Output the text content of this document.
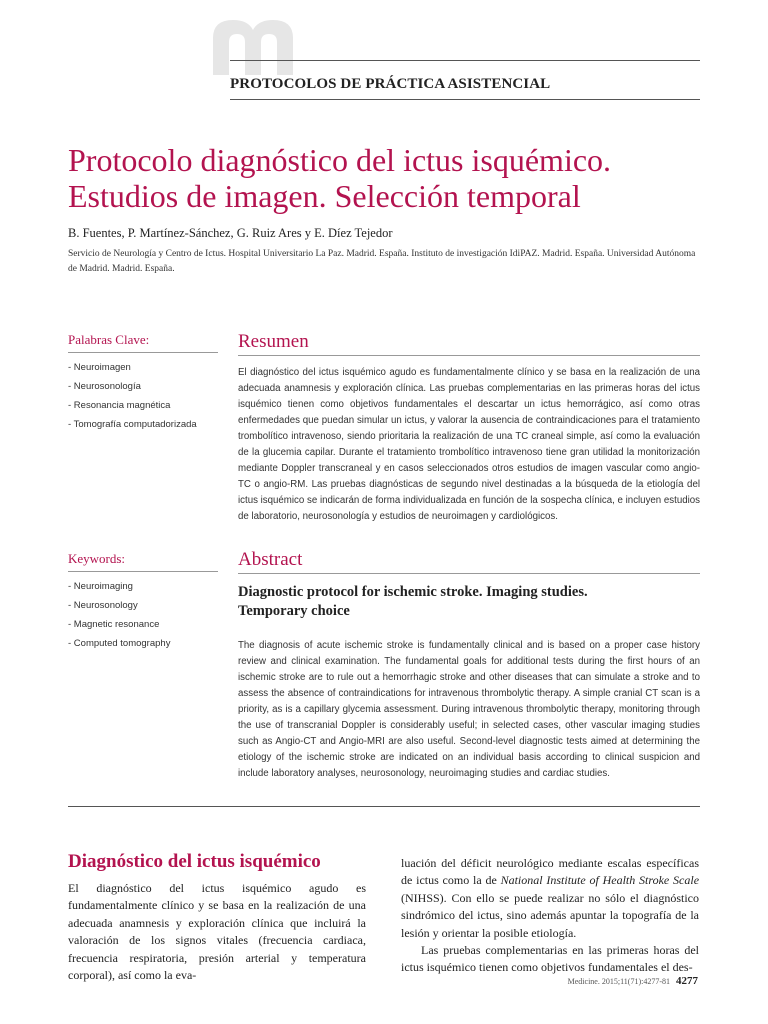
PROTOCOLOS DE PRÁCTICA ASISTENCIAL
Protocolo diagnóstico del ictus isquémico.
Estudios de imagen. Selección temporal
B. Fuentes, P. Martínez-Sánchez, G. Ruiz Ares y E. Díez Tejedor
Servicio de Neurología y Centro de Ictus. Hospital Universitario La Paz. Madrid. España. Instituto de investigación IdiPAZ. Madrid. España. Universidad Autónoma de Madrid. Madrid. España.
Palabras Clave:
- Neuroimagen
- Neurosonología
- Resonancia magnética
- Tomografía computadorizada
Resumen

El diagnóstico del ictus isquémico agudo es fundamentalmente clínico y se basa en la realización de una adecuada anamnesis y exploración clínica. Las pruebas complementarias en las primeras horas del ictus isquémico tienen como objetivos fundamentales el descartar un ictus hemorrágico, así como otras enfermedades que puedan simular un ictus, y valorar la ausencia de contraindicaciones para el tratamiento trombolítico intravenoso, siendo prioritaria la realización de una TC craneal simple, así como la evaluación de la glucemia capilar. Durante el tratamiento trombolítico intravenoso tiene gran utilidad la monitorización mediante Doppler transcraneal y en casos seleccionados otros estudios de imagen vascular como angio-TC o angio-RM. Las pruebas diagnósticas de segundo nivel destinadas a la búsqueda de la etiología del ictus isquémico se indicarán de forma individualizada en función de la sospecha clínica, e incluyen estudios de laboratorio, neurosonología y estudios de neuroimagen y cardiológicos.

Keywords:
- Neuroimaging
- Neurosonology
- Magnetic resonance
- Computed tomography
Abstract
Diagnostic protocol for ischemic stroke. Imaging studies.
Temporary choice

The diagnosis of acute ischemic stroke is fundamentally clinical and is based on a proper case history review and clinical examination. The fundamental goals for additional tests during the first hours of an ischemic stroke are to rule out a hemorrhagic stroke and other diseases that can simulate a stroke and to assess the absence of contraindications for intravenous thrombolytic therapy. A simple cranial CT scan is a priority, as is a capillary glycemia assessment. During intravenous thrombolytic therapy, monitoring through the use of transcranial Doppler is considerably useful; in selected cases, other vascular imaging studies such as Angio-CT and Angio-MRI are also useful. Second-level diagnostic tests aimed at determining the etiology of the ischemic stroke are indicated on an individual basis according to clinical suspicion and include laboratory analyses, neurosonology, neuroimaging studies and cardiac studies.

Diagnóstico del ictus isquémico

El diagnóstico del ictus isquémico agudo es fundamentalmente clínico y se basa en la realización de una adecuada anamnesis y exploración clínica que incluirá la valoración de los signos vitales (frecuencia cardiaca, frecuencia respiratoria, presión arterial y temperatura corporal), así como la eva-

luación del déficit neurológico mediante escalas específicas de ictus como la de National Institute of Health Stroke Scale (NIHSS). Con ello se puede realizar no sólo el diagnóstico sindrómico del ictus, sino además apuntar la topografía de la lesión y orientar la posible etiología.

Las pruebas complementarias en las primeras horas del ictus isquémico tienen como objetivos fundamentales el des-

Medicine. 2015;11(71):4277-81 4277
